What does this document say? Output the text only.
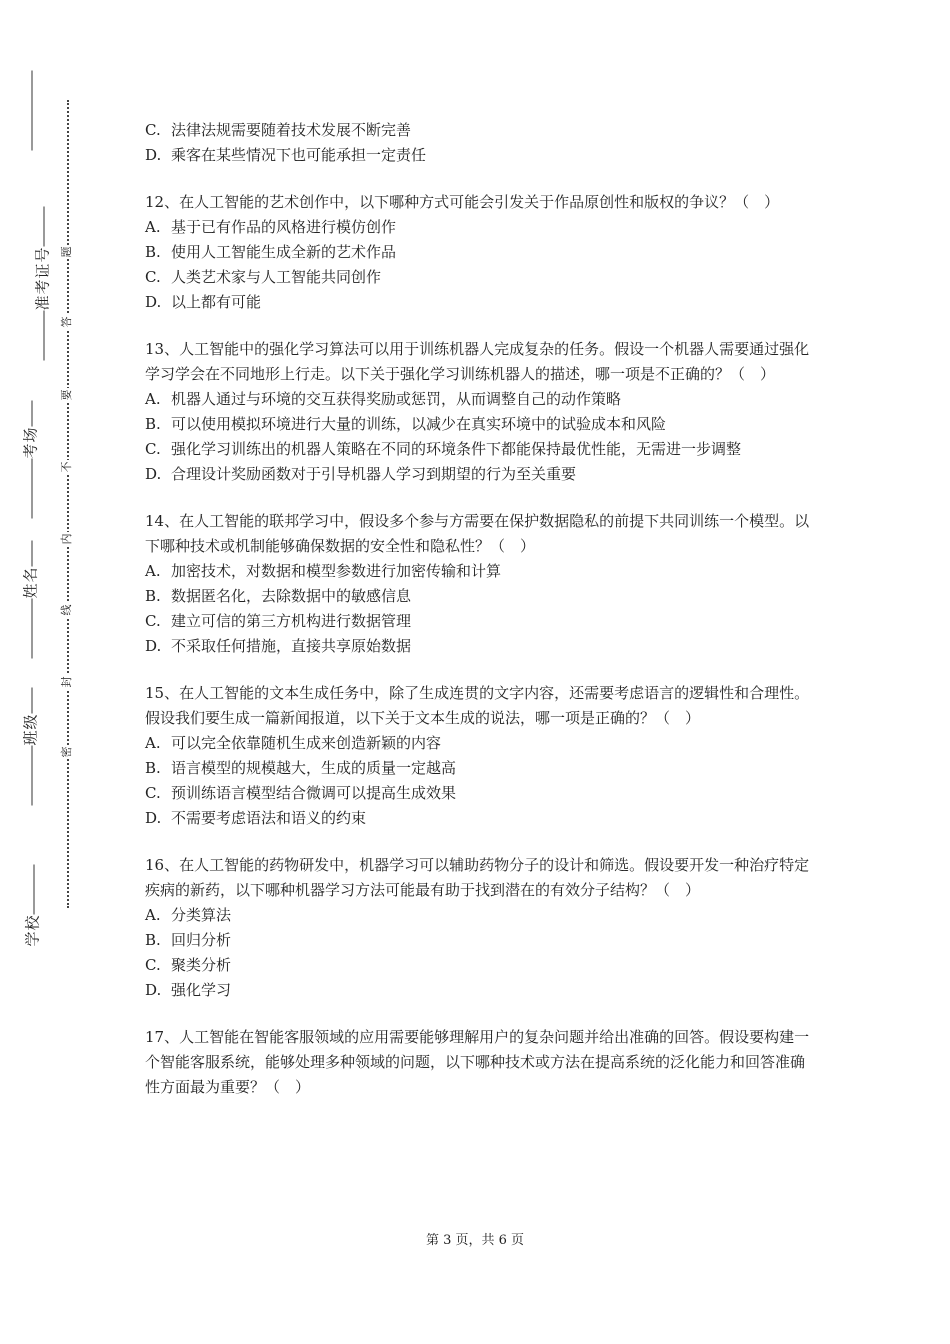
学校
班级
姓名
考场
准考证号 题
答
要
不
内
线
封
密

C. 法律法规需要随着技术发展不断完善

D. 乘客在某些情况下也可能承担一定责任

12、在人工智能的艺术创作中，以下哪种方式可能会引发关于作品原创性和版权的争议？（　）

A. 基于已有作品的风格进行模仿创作

B. 使用人工智能生成全新的艺术作品

C. 人类艺术家与人工智能共同创作

D. 以上都有可能

13、人工智能中的强化学习算法可以用于训练机器人完成复杂的任务。假设一个机器人需要通过强化学习学会在不同地形上行走。以下关于强化学习训练机器人的描述，哪一项是不正确的？（　）

A. 机器人通过与环境的交互获得奖励或惩罚，从而调整自己的动作策略

B. 可以使用模拟环境进行大量的训练，以减少在真实环境中的试验成本和风险

C. 强化学习训练出的机器人策略在不同的环境条件下都能保持最优性能，无需进一步调整

D. 合理设计奖励函数对于引导机器人学习到期望的行为至关重要

14、在人工智能的联邦学习中，假设多个参与方需要在保护数据隐私的前提下共同训练一个模型。以下哪种技术或机制能够确保数据的安全性和隐私性？（　）

A. 加密技术，对数据和模型参数进行加密传输和计算

B. 数据匿名化，去除数据中的敏感信息

C. 建立可信的第三方机构进行数据管理

D. 不采取任何措施，直接共享原始数据

15、在人工智能的文本生成任务中，除了生成连贯的文字内容，还需要考虑语言的逻辑性和合理性。假设我们要生成一篇新闻报道，以下关于文本生成的说法，哪一项是正确的？（　）

A. 可以完全依靠随机生成来创造新颖的内容

B. 语言模型的规模越大，生成的质量一定越高

C. 预训练语言模型结合微调可以提高生成效果

D. 不需要考虑语法和语义的约束

16、在人工智能的药物研发中，机器学习可以辅助药物分子的设计和筛选。假设要开发一种治疗特定疾病的新药，以下哪种机器学习方法可能最有助于找到潜在的有效分子结构？（　）

A. 分类算法

B. 回归分析

C. 聚类分析

D. 强化学习

17、人工智能在智能客服领域的应用需要能够理解用户的复杂问题并给出准确的回答。假设要构建一个智能客服系统，能够处理多种领域的问题，以下哪种技术或方法在提高系统的泛化能力和回答准确性方面最为重要？（　）

第 3 页，共 6 页
